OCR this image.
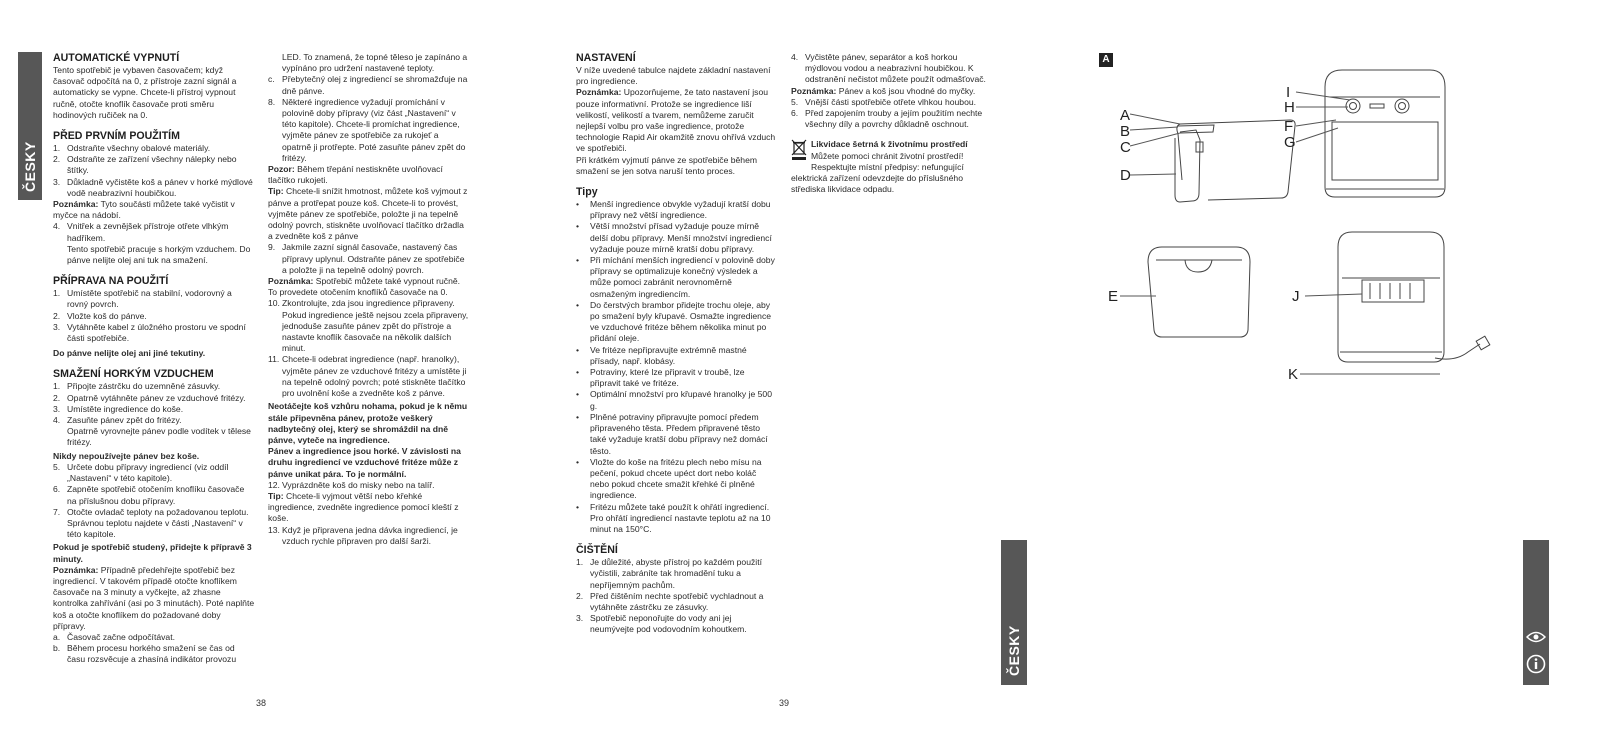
ČESKY

AUTOMATICKÉ VYPNUTÍ

Tento spotřebič je vybaven časovačem; když časovač odpočítá na 0, z přístroje zazní signál a automaticky se vypne. Chcete-li přístroj vypnout ručně, otočte knoflík časovače proti směru hodinových ručiček na 0.

PŘED PRVNÍM POUŽITÍM

1. Odstraňte všechny obalové materiály.
2. Odstraňte ze zařízení všechny nálepky nebo štítky.
3. Důkladně vyčistěte koš a pánev v horké mýdlové vodě neabrazivní houbičkou.

Poznámka: Tyto součásti můžete také vyčistit v myčce na nádobí.

4. Vnitřek a zevnějšek přístroje otřete vlhkým hadříkem.

Tento spotřebič pracuje s horkým vzduchem. Do pánve nelijte olej ani tuk na smažení.

PŘÍPRAVA NA POUŽITÍ

1. Umístěte spotřebič na stabilní, vodorovný a rovný povrch.
2. Vložte koš do pánve.
3. Vytáhněte kabel z úložného prostoru ve spodní části spotřebiče.

Do pánve nelijte olej ani jiné tekutiny.

SMAŽENÍ HORKÝM VZDUCHEM

1. Připojte zástrčku do uzemněné zásuvky.
2. Opatrně vytáhněte pánev ze vzduchové fritézy.
3. Umístěte ingredience do koše.
4. Zasuňte pánev zpět do fritézy.

Opatrně vyrovnejte pánev podle vodítek v tělese fritézy.

Nikdy nepoužívejte pánev bez koše.

5. Určete dobu přípravy ingrediencí (viz oddíl „Nastavení“ v této kapitole).
6. Zapněte spotřebič otočením knoflíku časovače na příslušnou dobu přípravy.
7. Otočte ovladač teploty na požadovanou teplotu. Správnou teplotu najdete v části „Nastavení“ v této kapitole.

Pokud je spotřebič studený, přidejte k přípravě 3 minuty.

Poznámka: Případně předehřejte spotřebič bez ingrediencí. V takovém případě otočte knoflíkem časovače na 3 minuty a vyčkejte, až zhasne kontrolka zahřívání (asi po 3 minutách). Poté naplňte koš a otočte knoflíkem do požadované doby přípravy.

a. Časovač začne odpočítávat.
b. Během procesu horkého smažení se čas od času rozsvěcuje a zhasíná indikátor provozu

LED. To znamená, že topné těleso je zapínáno a vypínáno pro udržení nastavené teploty.

c. Přebytečný olej z ingrediencí se shromažďuje na dně pánve.
8. Některé ingredience vyžadují promíchání v polovině doby přípravy (viz část „Nastavení“ v této kapitole). Chcete-li promíchat ingredience, vyjměte pánev ze spotřebiče za rukojeť a opatrně ji protřepte. Poté zasuňte pánev zpět do fritézy.

Pozor: Během třepání nestiskněte uvolňovací tlačítko rukojeti.

Tip: Chcete-li snížit hmotnost, můžete koš vyjmout z pánve a protřepat pouze koš. Chcete-li to provést, vyjměte pánev ze spotřebiče, položte ji na tepelně odolný povrch, stiskněte uvolňovací tlačítko držadla a zvedněte koš z pánve

9. Jakmile zazní signál časovače, nastavený čas přípravy uplynul. Odstraňte pánev ze spotřebiče a položte ji na tepelně odolný povrch.

Poznámka: Spotřebič můžete také vypnout ručně. To provedete otočením knoflíků časovače na 0.

10. Zkontrolujte, zda jsou ingredience připraveny. Pokud ingredience ještě nejsou zcela připraveny, jednoduše zasuňte pánev zpět do přístroje a nastavte knoflík časovače na několik dalších minut.
11. Chcete-li odebrat ingredience (např. hranolky), vyjměte pánev ze vzduchové fritézy a umístěte ji na tepelně odolný povrch; poté stiskněte tlačítko pro uvolnění koše a zvedněte koš z pánve.

Neotáčejte koš vzhůru nohama, pokud je k němu stále připevněna pánev, protože veškerý nadbytečný olej, který se shromáždil na dně pánve, vyteče na ingredience.

Pánev a ingredience jsou horké. V závislosti na druhu ingrediencí ve vzduchové fritéze může z pánve unikat pára. To je normální.

12. Vyprázdněte koš do misky nebo na talíř.

Tip: Chcete-li vyjmout větší nebo křehké ingredience, zvedněte ingredience pomocí kleští z koše.

13. Když je připravena jedna dávka ingrediencí, je vzduch rychle připraven pro další šarži.

NASTAVENÍ

V níže uvedené tabulce najdete základní nastavení pro ingredience.

Poznámka: Upozorňujeme, že tato nastavení jsou pouze informativní. Protože se ingredience liší velikostí, velikostí a tvarem, nemůžeme zaručit nejlepší volbu pro vaše ingredience, protože technologie Rapid Air okamžitě znovu ohřívá vzduch ve spotřebiči.

Při krátkém vyjmutí pánve ze spotřebiče během smažení se jen sotva naruší tento proces.

Tipy

•	Menší ingredience obvykle vyžadují kratší dobu přípravy než větší ingredience.
•	Větší množství přísad vyžaduje pouze mírně delší dobu přípravy. Menší množství ingrediencí vyžaduje pouze mírně kratší dobu přípravy.
•	Při míchání menších ingrediencí v polovině doby přípravy se optimalizuje konečný výsledek a může pomoci zabránit nerovnoměrně osmaženým ingrediencím.
•	Do čerstvých brambor přidejte trochu oleje, aby po smažení byly křupavé. Osmažte ingredience ve vzduchové fritéze během několika minut po přidání oleje.
•	Ve fritéze nepřipravujte extrémně mastné přísady, např. klobásy.
•	Potraviny, které lze připravit v troubě, lze připravit také ve fritéze.
•	Optimální množství pro křupavé hranolky je 500 g.
•	Plněné potraviny připravujte pomocí předem připraveného těsta. Předem připravené těsto také vyžaduje kratší dobu přípravy než domácí těsto.
•	Vložte do koše na fritézu plech nebo mísu na pečení, pokud chcete upéct dort nebo koláč nebo pokud chcete smažit křehké či plněné ingredience.
•	Fritézu můžete také použít k ohřátí ingrediencí. Pro ohřátí ingrediencí nastavte teplotu až na 10 minut na 150°C.

ČIŠTĚNÍ

1. Je důležité, abyste přístroj po každém použití vyčistili, zabráníte tak hromadění tuku a nepříjemným pachům.
2. Před čištěním nechte spotřebič vychladnout a vytáhněte zástrčku ze zásuvky.
3. Spotřebič neponořujte do vody ani jej neumývejte pod vodovodním kohoutkem.
4. Vyčistěte pánev, separátor a koš horkou mýdlovou vodou a neabrazivní houbičkou. K odstranění nečistot můžete použít odmašťovač.

Poznámka: Pánev a koš jsou vhodné do myčky.

5. Vnější části spotřebiče otřete vlhkou houbou.
6. Před zapojením trouby a jejím použitím nechte všechny díly a povrchy důkladně oschnout.

Likvidace šetrná k životnímu prostředí

Můžete pomoci chránit životní prostředí!

Respektujte místní předpisy: nefungující elektrická zařízení odevzdejte do příslušného střediska likvidace odpadu.

A
A
B
C
D
E
F
G
H
I
J
K
ČESKY
38	39
